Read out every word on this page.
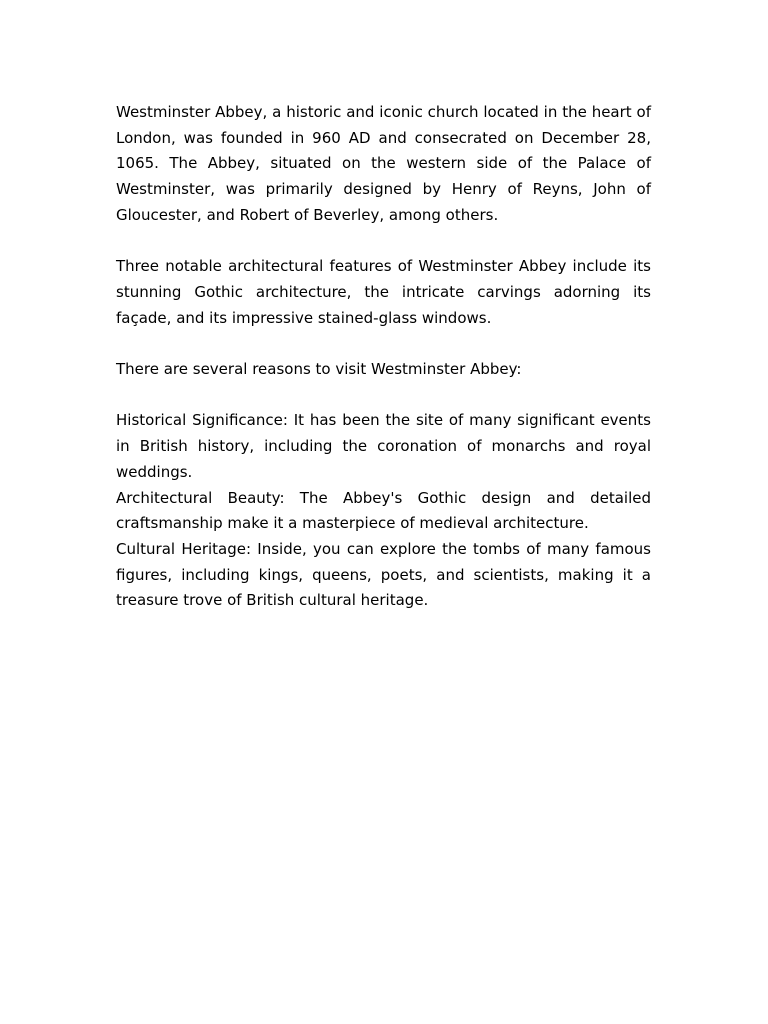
Westminster Abbey, a historic and iconic church located in the heart of London, was founded in 960 AD and consecrated on December 28, 1065. The Abbey, situated on the western side of the Palace of Westminster, was primarily designed by Henry of Reyns, John of Gloucester, and Robert of Beverley, among others.

Three notable architectural features of Westminster Abbey include its stunning Gothic architecture, the intricate carvings adorning its façade, and its impressive stained-glass windows.

There are several reasons to visit Westminster Abbey:

Historical Significance: It has been the site of many significant events in British history, including the coronation of monarchs and royal weddings.

Architectural Beauty: The Abbey's Gothic design and detailed craftsmanship make it a masterpiece of medieval architecture.

Cultural Heritage: Inside, you can explore the tombs of many famous figures, including kings, queens, poets, and scientists, making it a treasure trove of British cultural heritage.
